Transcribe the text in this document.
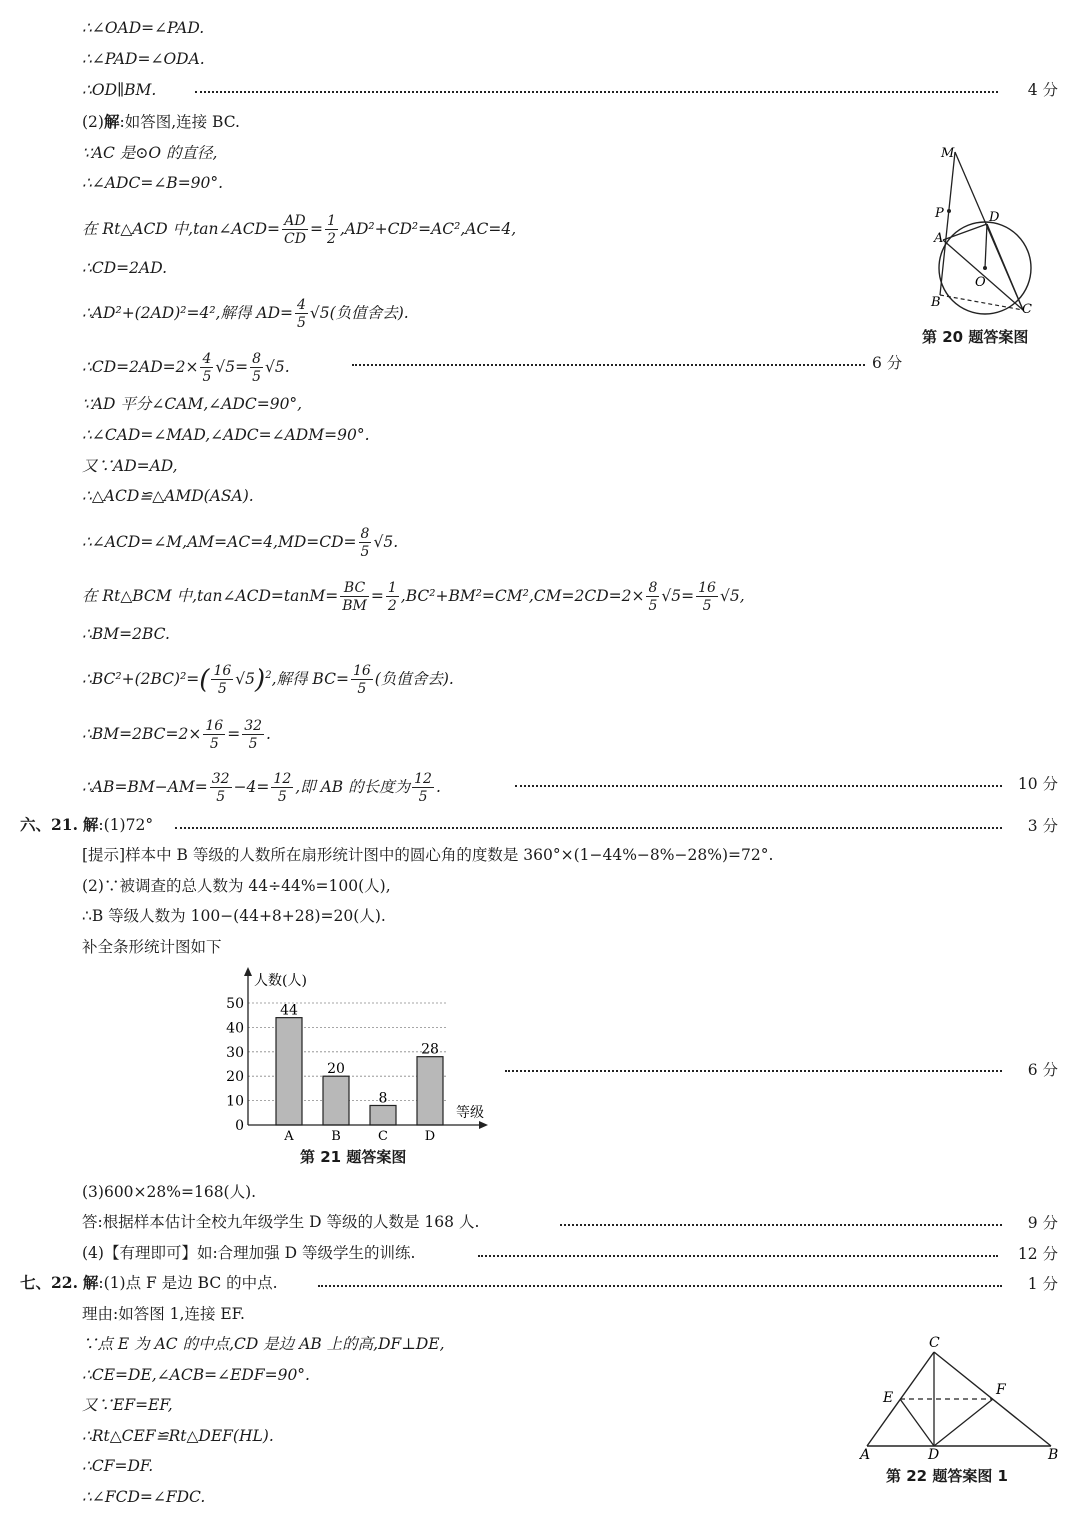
∴∠OAD=∠PAD.
∴∠PAD=∠ODA.
∴OD∥BM.	4 分
(2)解:如答图,连接 BC.
∵AC 是⊙O 的直径,
∴∠ADC=∠B=90°.
在 Rt△ACD 中,tan∠ACD= $\frac{AD}{CD} = \frac{1}{2} ,AD^2+CD^2=AC^2,AC=4$,
∴CD=2AD.
∴AD²+(2AD)²=4²,解得 $AD= \frac{4}{5} √5$(负值舍去).
∴CD=2AD=2× $\frac{4}{5} √5= \frac{8}{5} √5$.	6 分
∵AD 平分∠CAM,∠ADC=90°,
∴∠CAD=∠MAD,∠ADC=∠ADM=90°.
又∵AD=AD,
∴△ACD≌△AMD(ASA).
∴∠ACD=∠M,AM=AC=4,MD=CD= $\frac{8}{5} √5$.
在 Rt△BCM 中,tan∠ACD=tanM= $\frac{BC}{BM} = \frac{1}{2} ,BC^2+BM^2=CM^2,CM=2CD=2\times \frac{8}{5} √5= \frac{16}{5} √5$,
∴BM=2BC.
∴BC²+(2BC)²=( $\frac{16}{5} √5)^2$,解得 $BC= \frac{16}{5}$ (负值舍去).
∴BM=2BC=2× $\frac{16}{5} = \frac{32}{5}$ .
∴AB=BM−AM= $\frac{32}{5} -4= \frac{12}{5}$ ,即 AB 的长度为 $\frac{12}{5}$ .	10 分
M
P	D
A
O
B	C
第 20 题答案图
六、21. 解:(1)72°	3 分
[提示]样本中 B 等级的人数所在扇形统计图中的圆心角的度数是 360°×(1−44%−8%−28%)=72°.
(2)∵被调查的总人数为 44÷44%=100(人),
∴B 等级人数为 100−(44+8+28)=20(人).
补全条形统计图如下
0
10
20
30
40
50	44
A
20
B
8
C
28
D
人数(人)
等级
第 21 题答案图
6 分
(3)600×28%=168(人).
答:根据样本估计全校九年级学生 D 等级的人数是 168 人.	9 分
(4)【有理即可】如:合理加强 D 等级学生的训练.	12 分
七、22. 解:(1)点 F 是边 BC 的中点.	1 分
理由:如答图 1,连接 EF.
∵点 E 为 AC 的中点,CD 是边 AB 上的高,DF⊥DE,
∴CE=DE,∠ACB=∠EDF=90°.
又∵EF=EF,
∴Rt△CEF≌Rt△DEF(HL).
∴CF=DF.
∴∠FCD=∠FDC.
C
E	F
A	D	B
第 22 题答案图 1
